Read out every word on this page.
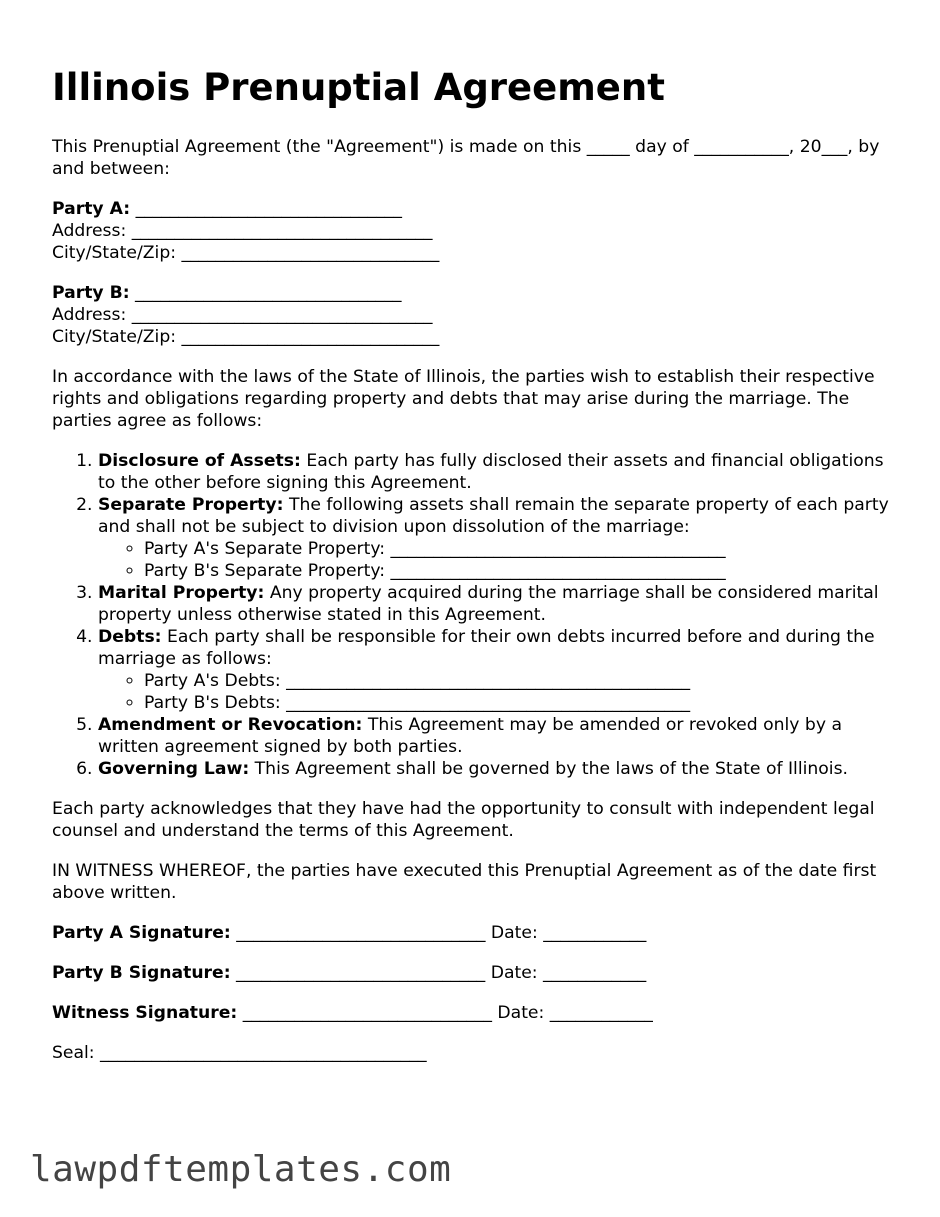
Illinois Prenuptial Agreement

This Prenuptial Agreement (the "Agreement") is made on this _____ day of ___________, 20___, by and between:

Party A: _______________________________
Address: ___________________________________
City/State/Zip: ______________________________
Party B: _______________________________
Address: ___________________________________
City/State/Zip: ______________________________

In accordance with the laws of the State of Illinois, the parties wish to establish their respective rights and obligations regarding property and debts that may arise during the marriage. The parties agree as follows:

1. Disclosure of Assets: Each party has fully disclosed their assets and financial obligations to the other before signing this Agreement.
2. Separate Property: The following assets shall remain the separate property of each party and shall not be subject to division upon dissolution of the marriage:
◦ Party A's Separate Property: _______________________________________
◦ Party B's Separate Property: _______________________________________
3. Marital Property: Any property acquired during the marriage shall be considered marital property unless otherwise stated in this Agreement.
4. Debts: Each party shall be responsible for their own debts incurred before and during the marriage as follows:
◦ Party A's Debts: _______________________________________________
◦ Party B's Debts: _______________________________________________
5. Amendment or Revocation: This Agreement may be amended or revoked only by a written agreement signed by both parties.
6. Governing Law: This Agreement shall be governed by the laws of the State of Illinois.

Each party acknowledges that they have had the opportunity to consult with independent legal counsel and understand the terms of this Agreement.

IN WITNESS WHEREOF, the parties have executed this Prenuptial Agreement as of the date first above written.

Party A Signature: _____________________________ Date: ____________
Party B Signature: _____________________________ Date: ____________
Witness Signature: _____________________________ Date: ____________
Seal: ______________________________________
lawpdftemplates.com
